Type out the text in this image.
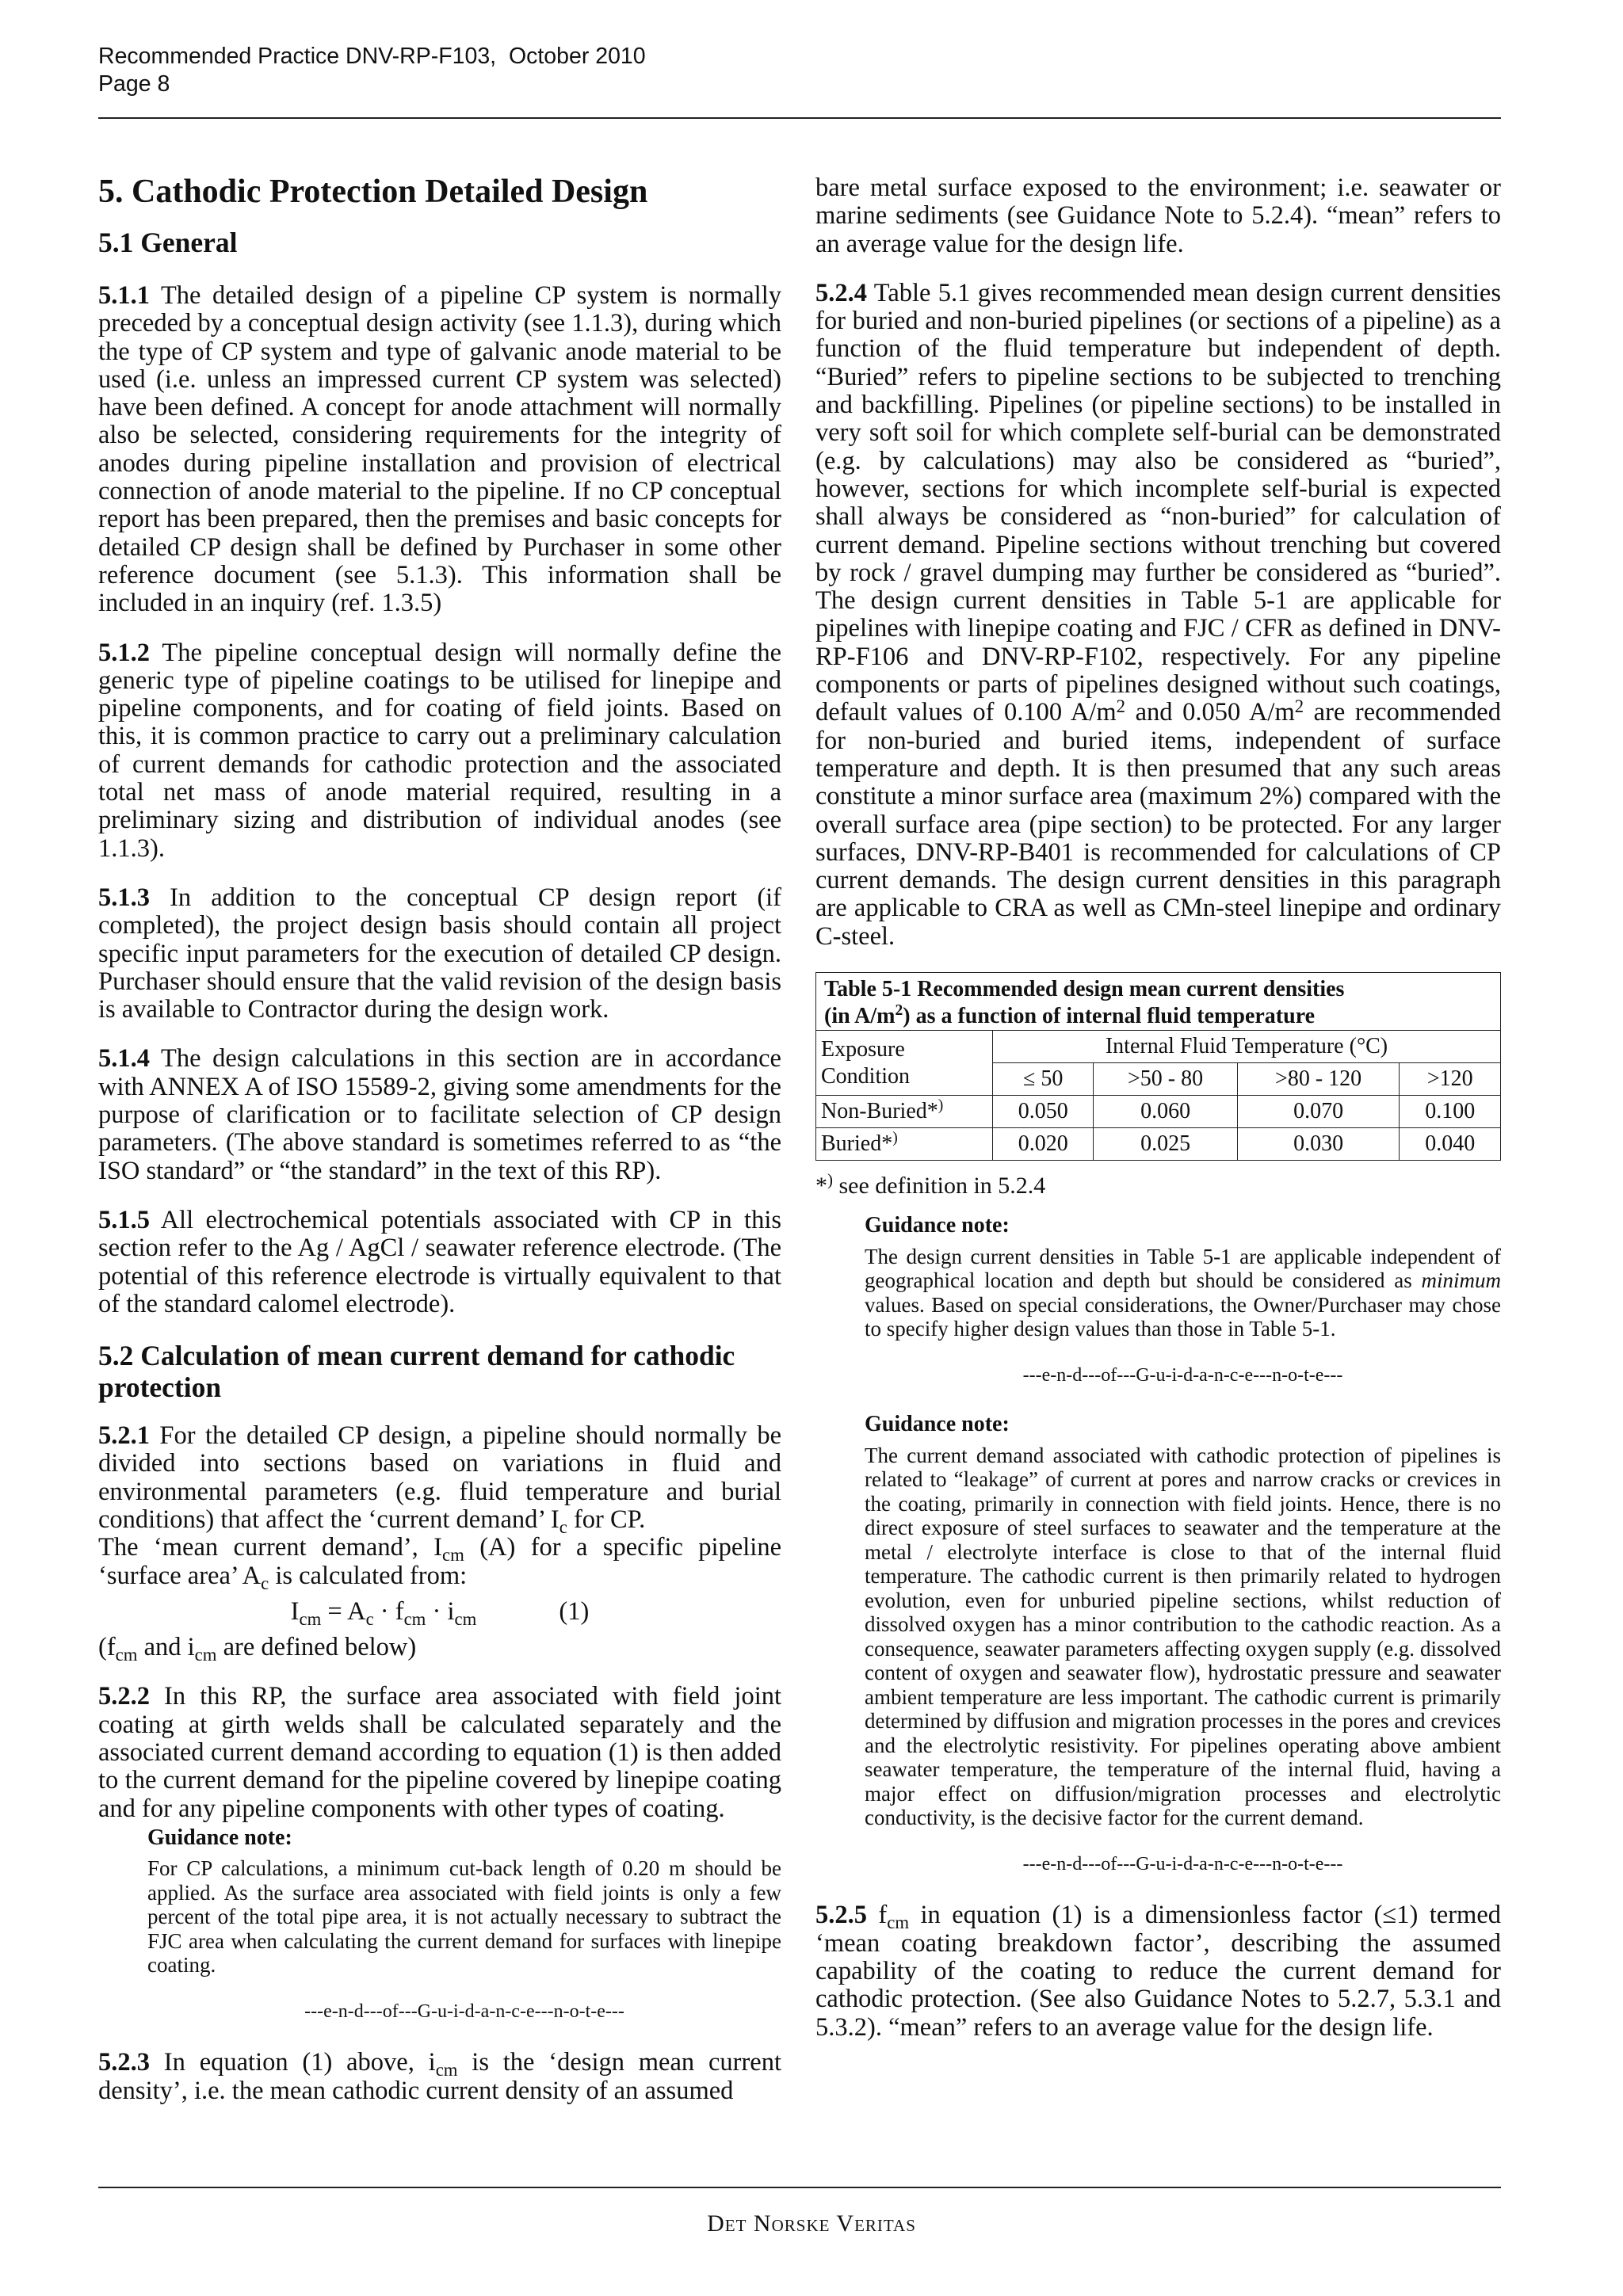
Recommended Practice DNV-RP-F103,  October 2010
Page 8
5. Cathodic Protection Detailed Design
5.1 General

5.1.1 The detailed design of a pipeline CP system is normally preceded by a conceptual design activity (see 1.1.3), during which the type of CP system and type of galvanic anode material to be used (i.e. unless an impressed current CP system was selected) have been defined. A concept for anode attachment will normally also be selected, considering requirements for the integrity of anodes during pipeline installation and provision of electrical connection of anode material to the pipeline. If no CP conceptual report has been prepared, then the premises and basic concepts for detailed CP design shall be defined by Purchaser in some other reference document (see 5.1.3). This information shall be included in an inquiry (ref. 1.3.5)

5.1.2 The pipeline conceptual design will normally define the generic type of pipeline coatings to be utilised for linepipe and pipeline components, and for coating of field joints. Based on this, it is common practice to carry out a preliminary calculation of current demands for cathodic protection and the associated total net mass of anode material required, resulting in a preliminary sizing and distribution of individual anodes (see 1.1.3).

5.1.3 In addition to the conceptual CP design report (if completed), the project design basis should contain all project specific input parameters for the execution of detailed CP design. Purchaser should ensure that the valid revision of the design basis is available to Contractor during the design work.

5.1.4 The design calculations in this section are in accordance with ANNEX A of ISO 15589-2, giving some amendments for the purpose of clarification or to facilitate selection of CP design parameters. (The above standard is sometimes referred to as “the ISO standard” or “the standard” in the text of this RP).

5.1.5 All electrochemical potentials associated with CP in this section refer to the Ag / AgCl / seawater reference electrode. (The potential of this reference electrode is virtually equivalent to that of the standard calomel electrode).

5.2 Calculation of mean current demand for cathodic protection

5.2.1 For the detailed CP design, a pipeline should normally be divided into sections based on variations in fluid and environmental parameters (e.g. fluid temperature and burial conditions) that affect the ‘current demand’ $I_c$ for CP.

The ‘mean current demand’, $I_{cm}$ (A) for a specific pipeline ‘surface area’ $A_c$ is calculated from:

$I_{cm} = A_c \cdot f_{cm} \cdot i_{cm}$	(1)

($f_{cm}$ and $i_{cm}$ are defined below)

5.2.2 In this RP, the surface area associated with field joint coating at girth welds shall be calculated separately and the associated current demand according to equation (1) is then added to the current demand for the pipeline covered by linepipe coating and for any pipeline components with other types of coating.

Guidance note:

For CP calculations, a minimum cut-back length of 0.20 m should be applied. As the surface area associated with field joints is only a few percent of the total pipe area, it is not actually necessary to subtract the FJC area when calculating the current demand for surfaces with linepipe coating.

---e-n-d---of---G-u-i-d-a-n-c-e---n-o-t-e---

5.2.3 In equation (1) above, $i_{cm}$ is the ‘design mean current density’, i.e. the mean cathodic current density of an assumed

bare metal surface exposed to the environment; i.e. seawater or marine sediments (see Guidance Note to 5.2.4). “mean” refers to an average value for the design life.

5.2.4 Table 5.1 gives recommended mean design current densities for buried and non-buried pipelines (or sections of a pipeline) as a function of the fluid temperature but independent of depth. “Buried” refers to pipeline sections to be subjected to trenching and backfilling. Pipelines (or pipeline sections) to be installed in very soft soil for which complete self-burial can be demonstrated (e.g. by calculations) may also be considered as “buried”, however, sections for which incomplete self-burial is expected shall always be considered as “non-buried” for calculation of current demand. Pipeline sections without trenching but covered by rock / gravel dumping may further be considered as “buried”. The design current densities in Table 5-1 are applicable for pipelines with linepipe coating and FJC / CFR as defined in DNV-RP-F106 and DNV-RP-F102, respectively. For any pipeline components or parts of pipelines designed without such coatings, default values of 0.100 $A/m^2$ and 0.050 $A/m^2$ are recommended for non-buried and buried items, independent of surface temperature and depth. It is then presumed that any such areas constitute a minor surface area (maximum 2%) compared with the overall surface area (pipe section) to be protected. For any larger surfaces, DNV-RP-B401 is recommended for calculations of CP current demands. The design current densities in this paragraph are applicable to CRA as well as CMn-steel linepipe and ordinary C-steel.

Table 5-1 Recommended design mean current densities
(in $A/m^2$) as a function of internal fluid temperature				

Exposure
Condition	Internal Fluid Temperature (°C)			
	≤ 50	>50 - 80	>80 - 120	>120
Non-Buried*)	0.050	0.060	0.070	0.100
Buried*)	0.020	0.025	0.030	0.040
*) see definition in 5.2.4
Guidance note:

The design current densities in Table 5-1 are applicable independent of geographical location and depth but should be considered as minimum values. Based on special considerations, the Owner/Purchaser may chose to specify higher design values than those in Table 5-1.

---e-n-d---of---G-u-i-d-a-n-c-e---n-o-t-e---
Guidance note:

The current demand associated with cathodic protection of pipelines is related to “leakage” of current at pores and narrow cracks or crevices in the coating, primarily in connection with field joints. Hence, there is no direct exposure of steel surfaces to seawater and the temperature at the metal / electrolyte interface is close to that of the internal fluid temperature. The cathodic current is then primarily related to hydrogen evolution, even for unburied pipeline sections, whilst reduction of dissolved oxygen has a minor contribution to the cathodic reaction. As a consequence, seawater parameters affecting oxygen supply (e.g. dissolved content of oxygen and seawater flow), hydrostatic pressure and seawater ambient temperature are less important. The cathodic current is primarily determined by diffusion and migration processes in the pores and crevices and the electrolytic resistivity. For pipelines operating above ambient seawater temperature, the temperature of the internal fluid, having a major effect on diffusion/migration processes and electrolytic conductivity, is the decisive factor for the current demand.

---e-n-d---of---G-u-i-d-a-n-c-e---n-o-t-e---

5.2.5 $f_{cm}$ in equation (1) is a dimensionless factor (≤1) termed ‘mean coating breakdown factor’, describing the assumed capability of the coating to reduce the current demand for cathodic protection. (See also Guidance Notes to 5.2.7, 5.3.1 and 5.3.2). “mean” refers to an average value for the design life.

Det Norske Veritas
